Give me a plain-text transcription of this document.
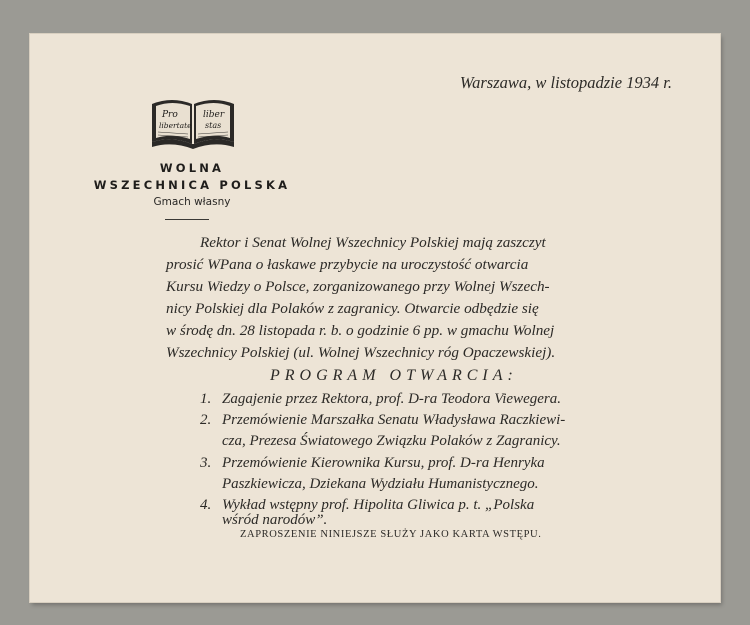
Warszawa, w listopadzie 1934 r.
Pro
libertate
liber
stas
WOLNA
WSZECHNICA POLSKA
Gmach własny
Rektor i Senat Wolnej Wszechnicy Polskiej mają zaszczyt
prosić WPana o łaskawe przybycie na uroczystość otwarcia
Kursu Wiedzy o Polsce, zorganizowanego przy Wolnej Wszech-
nicy Polskiej dla Polaków z zagranicy. Otwarcie odbędzie się
w środę dn. 28 listopada r. b. o godzinie 6 pp. w gmachu Wolnej
Wszechnicy Polskiej (ul. Wolnej Wszechnicy róg Opaczewskiej).
PROGRAM OTWARCIA:
1. Zagajenie przez Rektora, prof. D-ra Teodora Viewegera.
2. Przemówienie Marszałka Senatu Władysława Raczkiewi-
cza, Prezesa Światowego Związku Polaków z Zagranicy.
3. Przemówienie Kierownika Kursu, prof. D-ra Henryka
Paszkiewicza, Dziekana Wydziału Humanistycznego.
4. Wykład wstępny prof. Hipolita Gliwica p. t. „Polska
wśród narodów”.
ZAPROSZENIE NINIEJSZE SŁUŻY JAKO KARTA WSTĘPU.
